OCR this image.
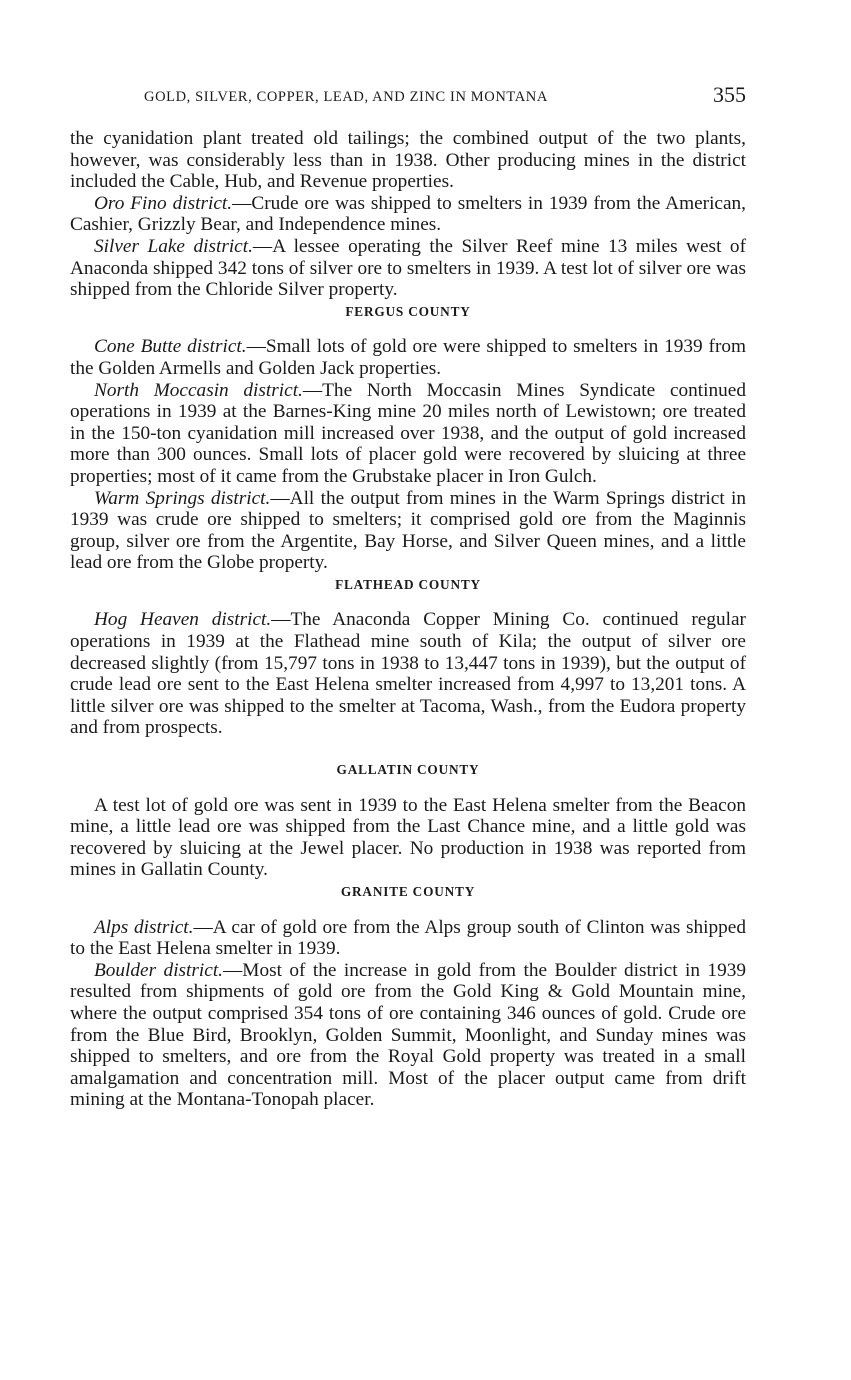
GOLD, SILVER, COPPER, LEAD, AND ZINC IN MONTANA	355

the cyanidation plant treated old tailings; the combined output of the two plants, however, was considerably less than in 1938. Other producing mines in the district included the Cable, Hub, and Revenue properties.

Oro Fino district.—Crude ore was shipped to smelters in 1939 from the American, Cashier, Grizzly Bear, and Independence mines.

Silver Lake district.—A lessee operating the Silver Reef mine 13 miles west of Anaconda shipped 342 tons of silver ore to smelters in 1939. A test lot of silver ore was shipped from the Chloride Silver property.

FERGUS COUNTY

Cone Butte district.—Small lots of gold ore were shipped to smelters in 1939 from the Golden Armells and Golden Jack properties.

North Moccasin district.—The North Moccasin Mines Syndicate continued operations in 1939 at the Barnes-King mine 20 miles north of Lewistown; ore treated in the 150-ton cyanidation mill increased over 1938, and the output of gold increased more than 300 ounces. Small lots of placer gold were recovered by sluicing at three properties; most of it came from the Grubstake placer in Iron Gulch.

Warm Springs district.—All the output from mines in the Warm Springs district in 1939 was crude ore shipped to smelters; it comprised gold ore from the Maginnis group, silver ore from the Argentite, Bay Horse, and Silver Queen mines, and a little lead ore from the Globe property.

FLATHEAD COUNTY

Hog Heaven district.—The Anaconda Copper Mining Co. continued regular operations in 1939 at the Flathead mine south of Kila; the output of silver ore decreased slightly (from 15,797 tons in 1938 to 13,447 tons in 1939), but the output of crude lead ore sent to the East Helena smelter increased from 4,997 to 13,201 tons. A little silver ore was shipped to the smelter at Tacoma, Wash., from the Eudora property and from prospects.

GALLATIN COUNTY

A test lot of gold ore was sent in 1939 to the East Helena smelter from the Beacon mine, a little lead ore was shipped from the Last Chance mine, and a little gold was recovered by sluicing at the Jewel placer. No production in 1938 was reported from mines in Gallatin County.

GRANITE COUNTY

Alps district.—A car of gold ore from the Alps group south of Clinton was shipped to the East Helena smelter in 1939.

Boulder district.—Most of the increase in gold from the Boulder district in 1939 resulted from shipments of gold ore from the Gold King & Gold Mountain mine, where the output comprised 354 tons of ore containing 346 ounces of gold. Crude ore from the Blue Bird, Brooklyn, Golden Summit, Moonlight, and Sunday mines was shipped to smelters, and ore from the Royal Gold property was treated in a small amalgamation and concentration mill. Most of the placer output came from drift mining at the Montana-Tonopah placer.
